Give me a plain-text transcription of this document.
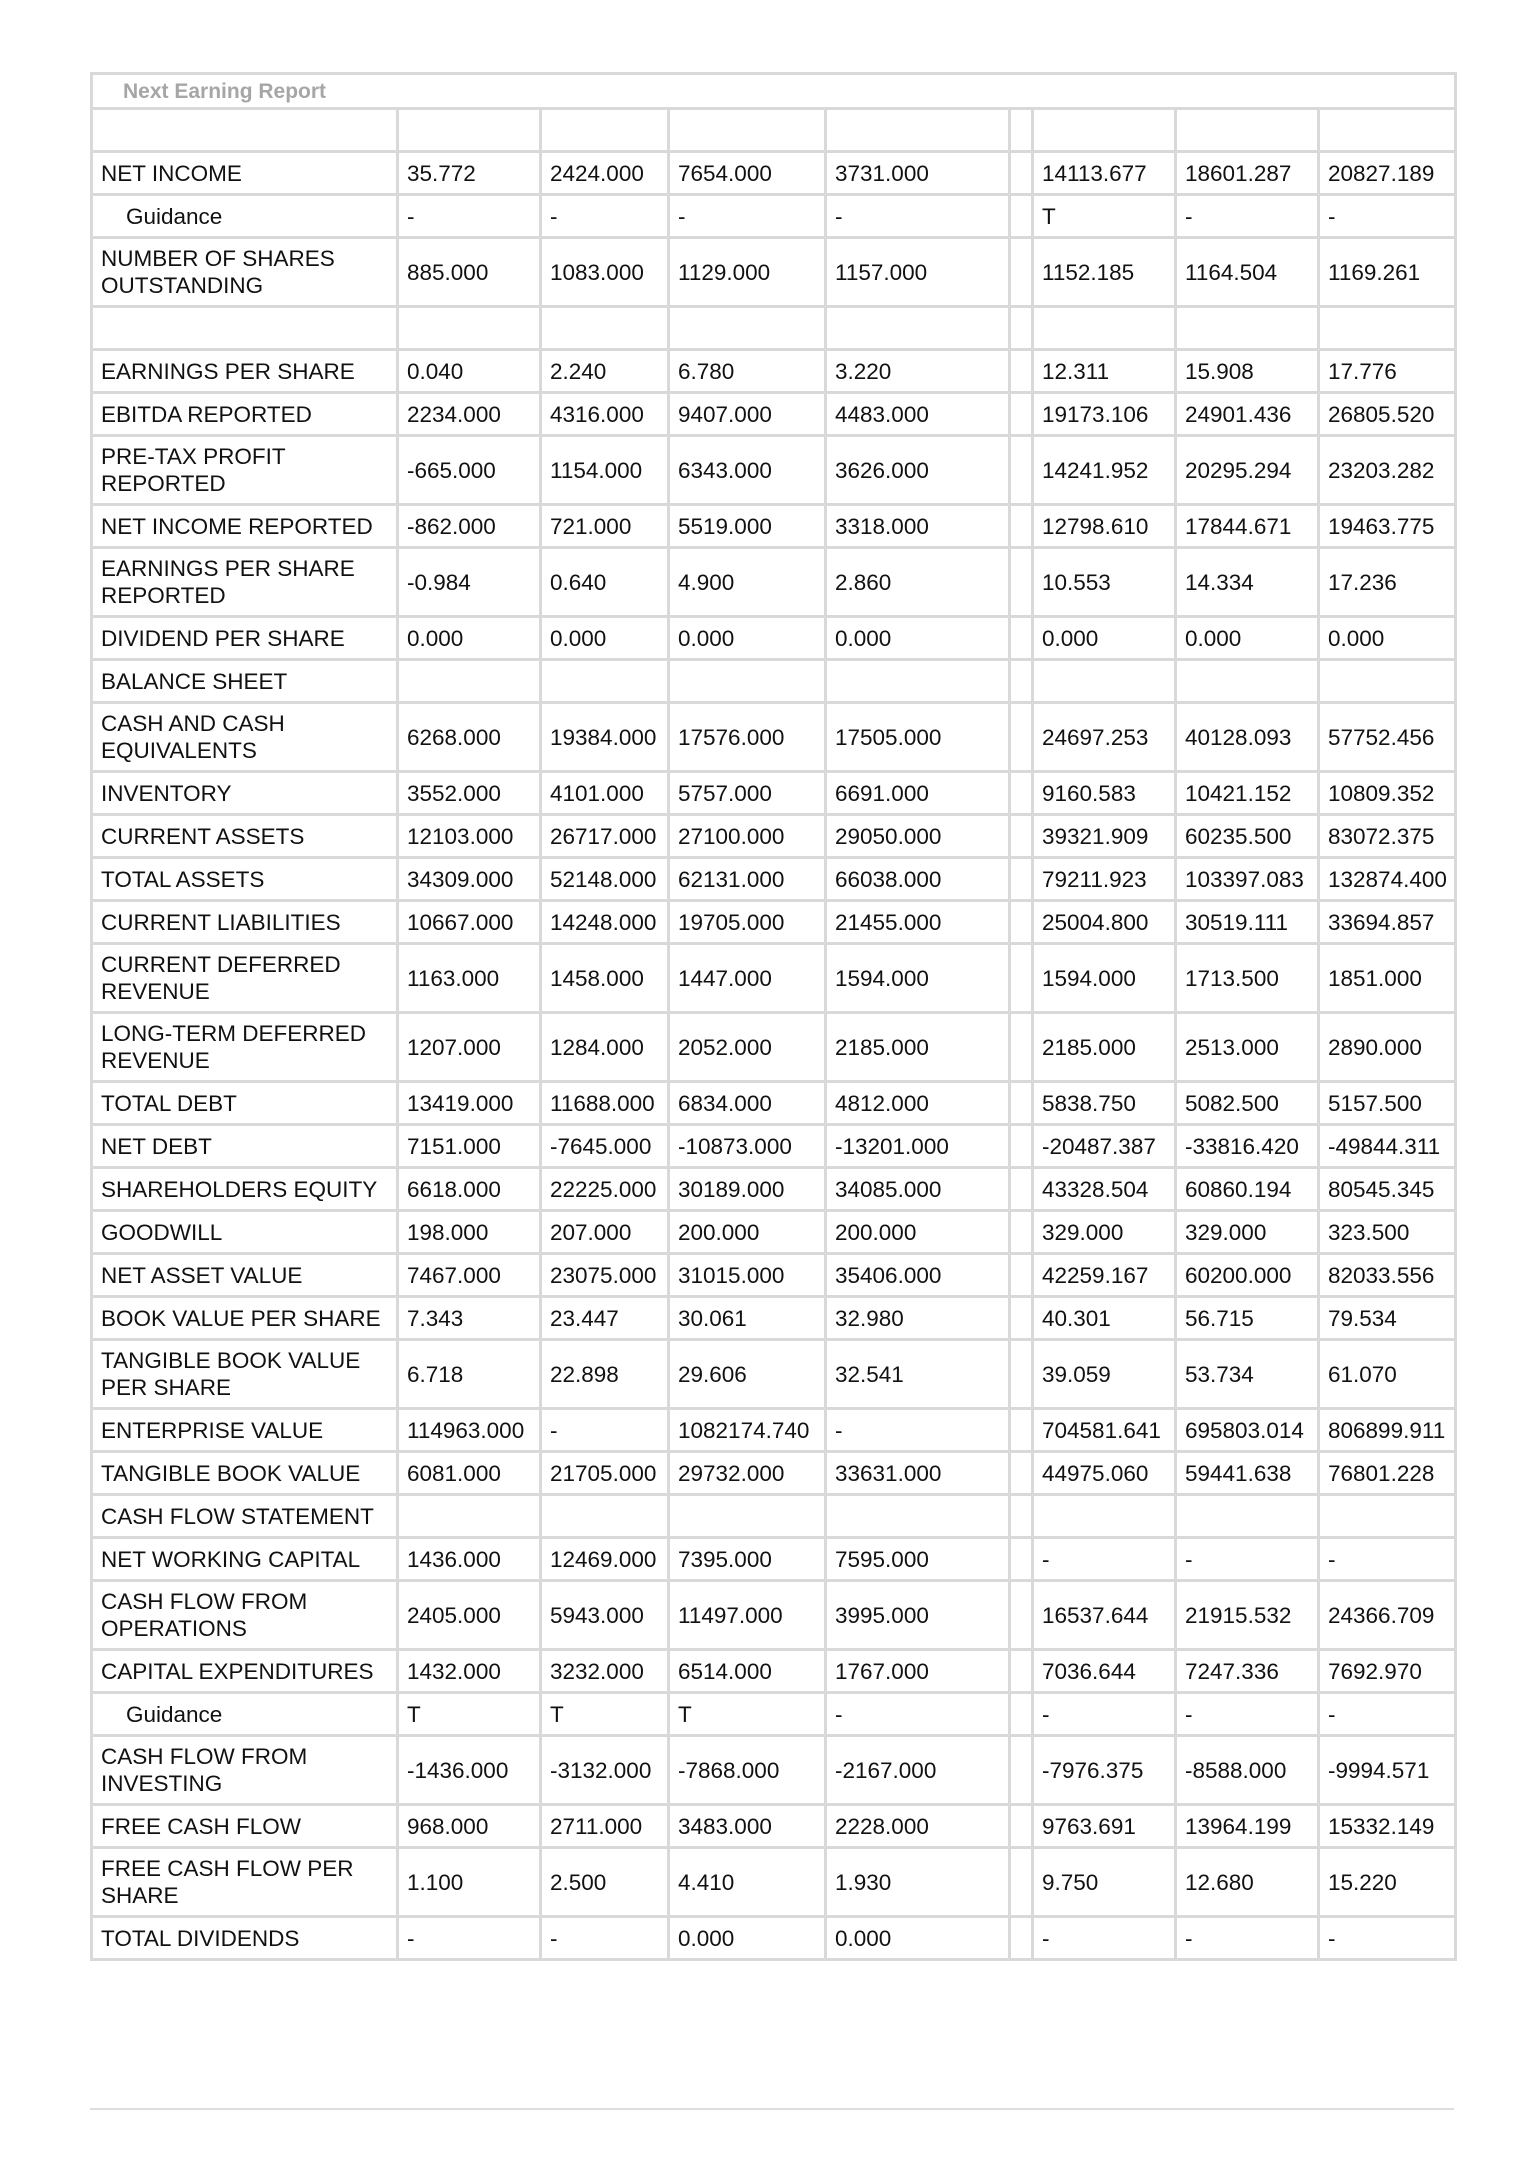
Next Earning Report								

NET INCOME	35.772	2424.000	7654.000	3731.000		14113.677	18601.287	20827.189
Guidance	-	-	-	-		T	-	-
NUMBER OF SHARES OUTSTANDING	885.000	1083.000	1129.000	1157.000		1152.185	1164.504	1169.261

EARNINGS PER SHARE	0.040	2.240	6.780	3.220		12.311	15.908	17.776
EBITDA REPORTED	2234.000	4316.000	9407.000	4483.000		19173.106	24901.436	26805.520
PRE-TAX PROFIT REPORTED	-665.000	1154.000	6343.000	3626.000		14241.952	20295.294	23203.282
NET INCOME REPORTED	-862.000	721.000	5519.000	3318.000		12798.610	17844.671	19463.775
EARNINGS PER SHARE REPORTED	-0.984	0.640	4.900	2.860		10.553	14.334	17.236
DIVIDEND PER SHARE	0.000	0.000	0.000	0.000		0.000	0.000	0.000
BALANCE SHEET								
CASH AND CASH EQUIVALENTS	6268.000	19384.000	17576.000	17505.000		24697.253	40128.093	57752.456
INVENTORY	3552.000	4101.000	5757.000	6691.000		9160.583	10421.152	10809.352
CURRENT ASSETS	12103.000	26717.000	27100.000	29050.000		39321.909	60235.500	83072.375
TOTAL ASSETS	34309.000	52148.000	62131.000	66038.000		79211.923	103397.083	132874.400
CURRENT LIABILITIES	10667.000	14248.000	19705.000	21455.000		25004.800	30519.111	33694.857
CURRENT DEFERRED REVENUE	1163.000	1458.000	1447.000	1594.000		1594.000	1713.500	1851.000
LONG-TERM DEFERRED REVENUE	1207.000	1284.000	2052.000	2185.000		2185.000	2513.000	2890.000
TOTAL DEBT	13419.000	11688.000	6834.000	4812.000		5838.750	5082.500	5157.500
NET DEBT	7151.000	-7645.000	-10873.000	-13201.000		-20487.387	-33816.420	-49844.311
SHAREHOLDERS EQUITY	6618.000	22225.000	30189.000	34085.000		43328.504	60860.194	80545.345
GOODWILL	198.000	207.000	200.000	200.000		329.000	329.000	323.500
NET ASSET VALUE	7467.000	23075.000	31015.000	35406.000		42259.167	60200.000	82033.556
BOOK VALUE PER SHARE	7.343	23.447	30.061	32.980		40.301	56.715	79.534
TANGIBLE BOOK VALUE PER SHARE	6.718	22.898	29.606	32.541		39.059	53.734	61.070
ENTERPRISE VALUE	114963.000	-	1082174.740	-		704581.641	695803.014	806899.911
TANGIBLE BOOK VALUE	6081.000	21705.000	29732.000	33631.000		44975.060	59441.638	76801.228
CASH FLOW STATEMENT								
NET WORKING CAPITAL	1436.000	12469.000	7395.000	7595.000		-	-	-
CASH FLOW FROM OPERATIONS	2405.000	5943.000	11497.000	3995.000		16537.644	21915.532	24366.709
CAPITAL EXPENDITURES	1432.000	3232.000	6514.000	1767.000		7036.644	7247.336	7692.970
Guidance	T	T	T	-		-	-	-
CASH FLOW FROM INVESTING	-1436.000	-3132.000	-7868.000	-2167.000		-7976.375	-8588.000	-9994.571
FREE CASH FLOW	968.000	2711.000	3483.000	2228.000		9763.691	13964.199	15332.149
FREE CASH FLOW PER SHARE	1.100	2.500	4.410	1.930		9.750	12.680	15.220
TOTAL DIVIDENDS	-	-	0.000	0.000		-	-	-
